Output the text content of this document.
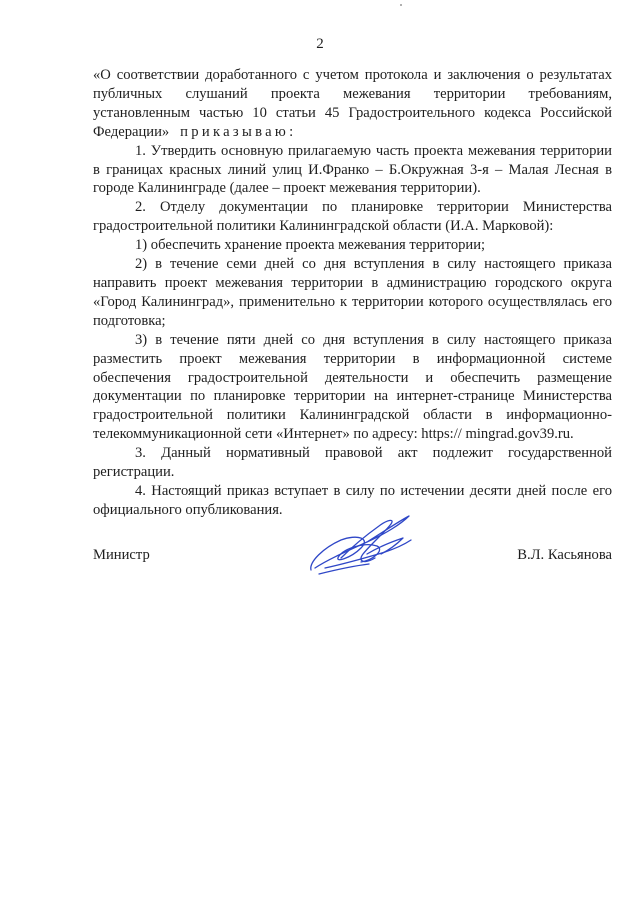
2

«О соответствии доработанного с учетом протокола и заключения о результатах публичных слушаний проекта межевания территории требованиям, установленным частью 10 статьи 45 Градостроительного кодекса Российской Федерации» приказываю:

1. Утвердить основную прилагаемую часть проекта межевания территории в границах красных линий улиц И.Франко – Б.Окружная 3-я – Малая Лесная в городе Калининграде (далее – проект межевания территории).

2. Отделу документации по планировке территории Министерства градостроительной политики Калининградской области (И.А. Марковой):

1) обеспечить хранение проекта межевания территории;

2) в течение семи дней со дня вступления в силу настоящего приказа направить проект межевания территории в администрацию городского округа «Город Калининград», применительно к территории которого осуществлялась его подготовка;

3) в течение пяти дней со дня вступления в силу настоящего приказа разместить проект межевания территории в информационной системе обеспечения градостроительной деятельности и обеспечить размещение документации по планировке территории на интернет-странице Министерства градостроительной политики Калининградской области в информационно-телекоммуникационной сети «Интернет» по адресу: https:// mingrad.gov39.ru.

3. Данный нормативный правовой акт подлежит государственной регистрации.

4. Настоящий приказ вступает в силу по истечении десяти дней после его официального опубликования.

Министр	В.Л. Касьянова
